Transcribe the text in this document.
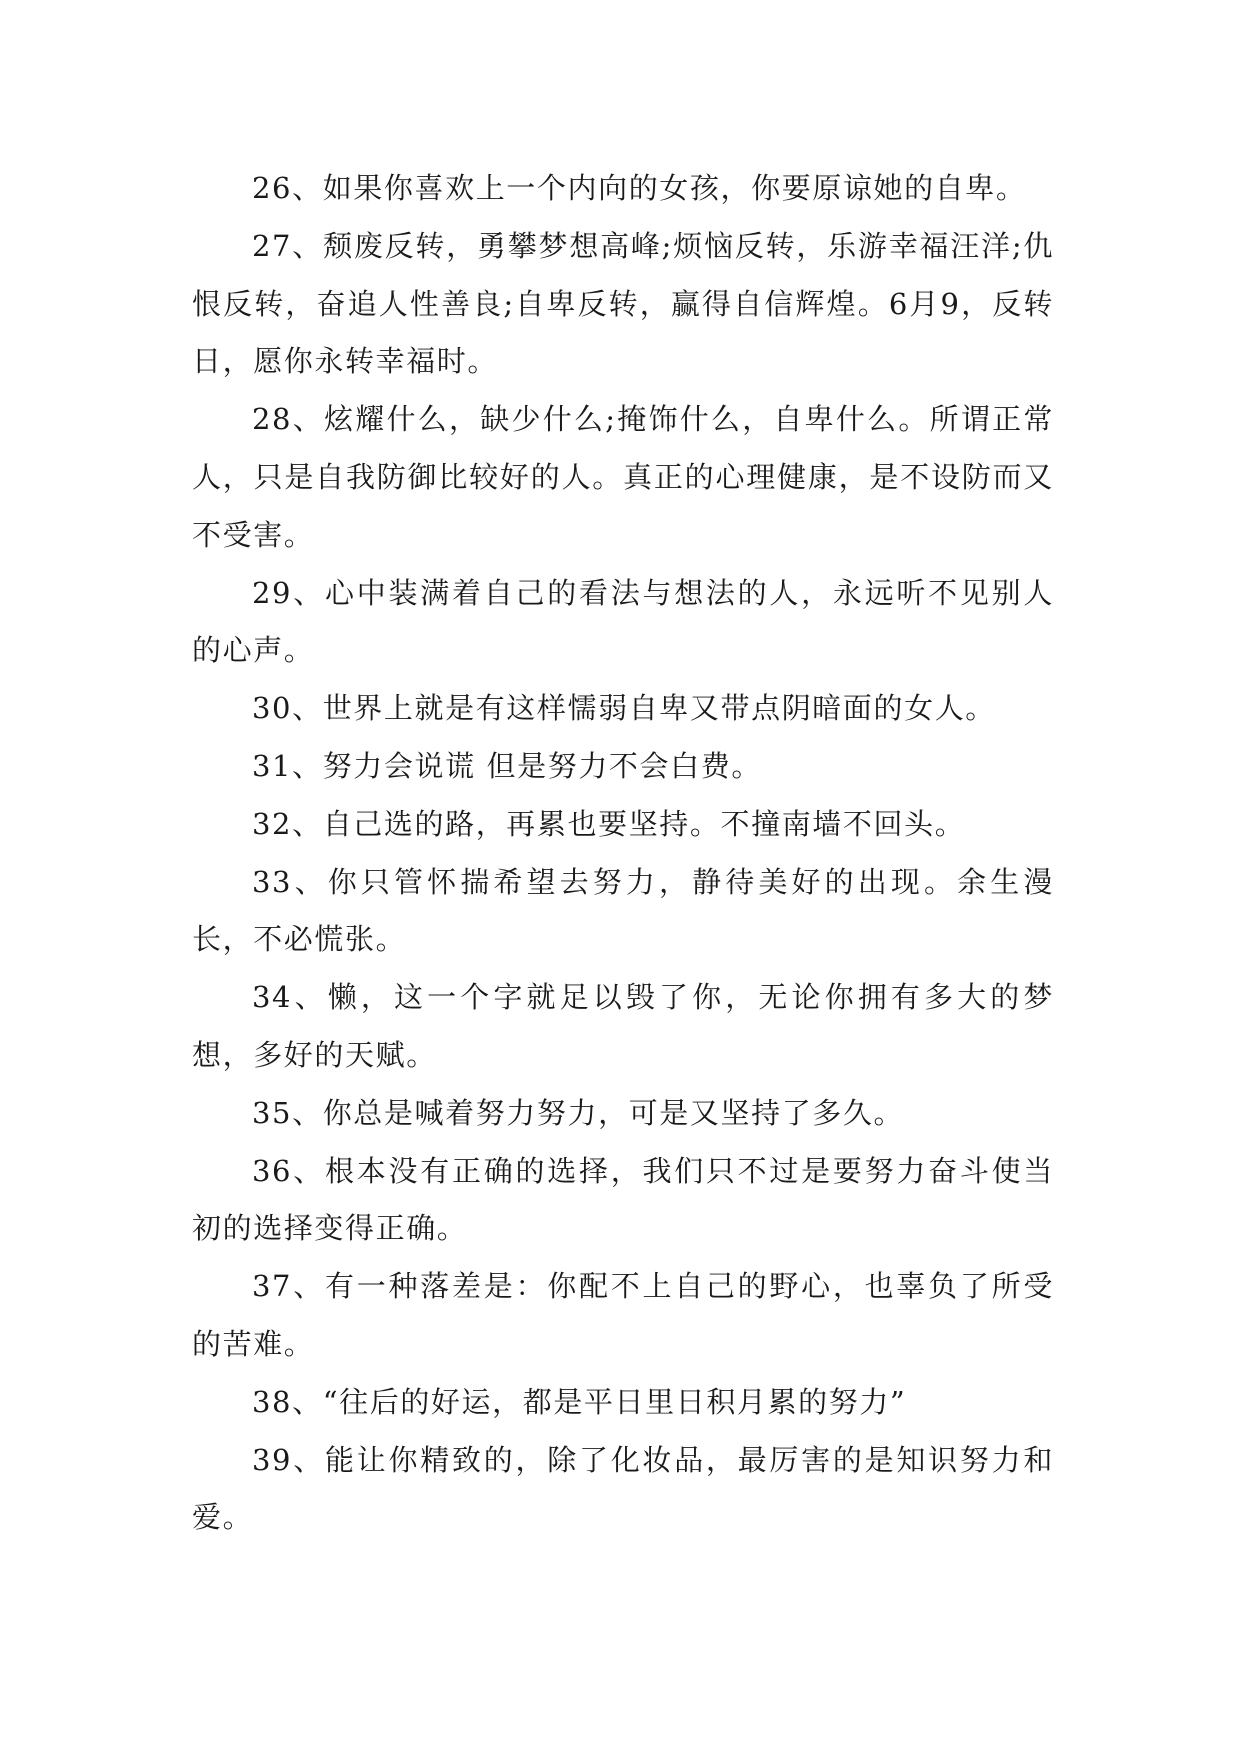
26、如果你喜欢上一个内向的女孩，你要原谅她的自卑。

27、颓废反转，勇攀梦想高峰;烦恼反转，乐游幸福汪洋;仇恨反转，奋追人性善良;自卑反转，赢得自信辉煌。6月9，反转日，愿你永转幸福时。

28、炫耀什么，缺少什么;掩饰什么，自卑什么。所谓正常人，只是自我防御比较好的人。真正的心理健康，是不设防而又不受害。

29、心中装满着自己的看法与想法的人，永远听不见别人的心声。

30、世界上就是有这样懦弱自卑又带点阴暗面的女人。

31、努力会说谎 但是努力不会白费。

32、自己选的路，再累也要坚持。不撞南墙不回头。

33、你只管怀揣希望去努力，静待美好的出现。余生漫长，不必慌张。

34、懒，这一个字就足以毁了你，无论你拥有多大的梦想，多好的天赋。

35、你总是喊着努力努力，可是又坚持了多久。

36、根本没有正确的选择，我们只不过是要努力奋斗使当初的选择变得正确。

37、有一种落差是：你配不上自己的野心，也辜负了所受的苦难。

38、“往后的好运，都是平日里日积月累的努力”

39、能让你精致的，除了化妆品，最厉害的是知识努力和爱。
